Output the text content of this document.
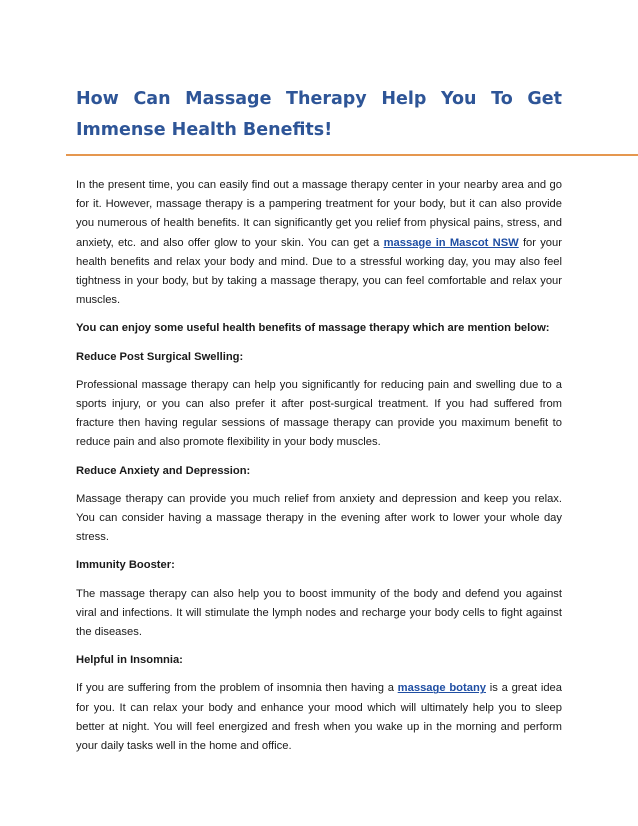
How Can Massage Therapy Help You To Get Immense Health Benefits!

In the present time, you can easily find out a massage therapy center in your nearby area and go for it. However, massage therapy is a pampering treatment for your body, but it can also provide you numerous of health benefits. It can significantly get you relief from physical pains, stress, and anxiety, etc. and also offer glow to your skin. You can get a massage in Mascot NSW for your health benefits and relax your body and mind. Due to a stressful working day, you may also feel tightness in your body, but by taking a massage therapy, you can feel comfortable and relax your muscles.

You can enjoy some useful health benefits of massage therapy which are mention below:

Reduce Post Surgical Swelling:

Professional massage therapy can help you significantly for reducing pain and swelling due to a sports injury, or you can also prefer it after post-surgical treatment. If you had suffered from fracture then having regular sessions of massage therapy can provide you maximum benefit to reduce pain and also promote flexibility in your body muscles.

Reduce Anxiety and Depression:

Massage therapy can provide you much relief from anxiety and depression and keep you relax. You can consider having a massage therapy in the evening after work to lower your whole day stress.

Immunity Booster:

The massage therapy can also help you to boost immunity of the body and defend you against viral and infections. It will stimulate the lymph nodes and recharge your body cells to fight against the diseases.

Helpful in Insomnia:

If you are suffering from the problem of insomnia then having a massage botany is a great idea for you. It can relax your body and enhance your mood which will ultimately help you to sleep better at night. You will feel energized and fresh when you wake up in the morning and perform your daily tasks well in the home and office.
